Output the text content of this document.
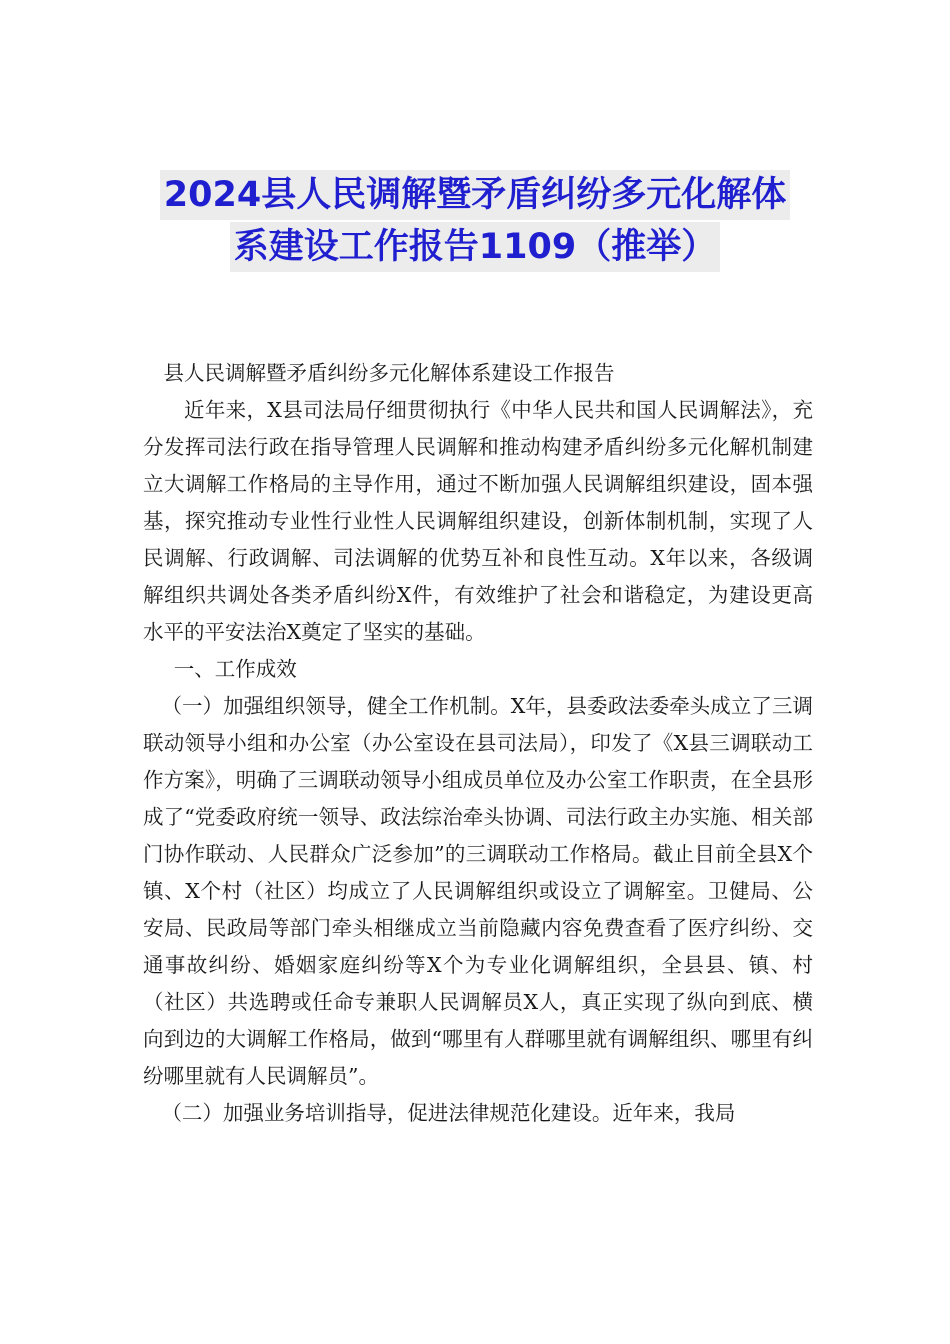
2024县人民调解暨矛盾纠纷多元化解体
系建设工作报告1109（推举）

县人民调解暨矛盾纠纷多元化解体系建设工作报告

近年来，X县司法局仔细贯彻执行《中华人民共和国人民调解法》，充分发挥司法行政在指导管理人民调解和推动构建矛盾纠纷多元化解机制建立大调解工作格局的主导作用，通过不断加强人民调解组织建设，固本强基，探究推动专业性行业性人民调解组织建设，创新体制机制，实现了人民调解、行政调解、司法调解的优势互补和良性互动。X年以来，各级调解组织共调处各类矛盾纠纷X件，有效维护了社会和谐稳定，为建设更高水平的平安法治X奠定了坚实的基础。

一、工作成效

（一）加强组织领导，健全工作机制。X年，县委政法委牵头成立了三调联动领导小组和办公室（办公室设在县司法局），印发了《X县三调联动工作方案》，明确了三调联动领导小组成员单位及办公室工作职责，在全县形成了“党委政府统一领导、政法综治牵头协调、司法行政主办实施、相关部门协作联动、人民群众广泛参加”的三调联动工作格局。截止目前全县X个镇、X个村（社区）均成立了人民调解组织或设立了调解室。卫健局、公安局、民政局等部门牵头相继成立当前隐藏内容免费查看了医疗纠纷、交通事故纠纷、婚姻家庭纠纷等X个为专业化调解组织，全县县、镇、村（社区）共选聘或任命专兼职人民调解员X人，真正实现了纵向到底、横向到边的大调解工作格局，做到“哪里有人群哪里就有调解组织、哪里有纠纷哪里就有人民调解员”。

（二）加强业务培训指导，促进法律规范化建设。近年来，我局
